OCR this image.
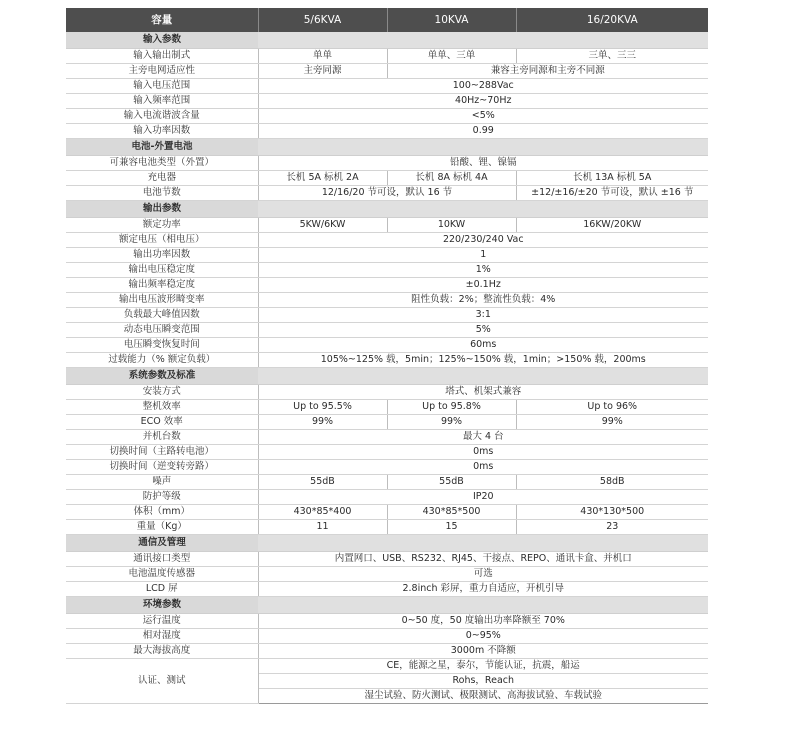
容量	5/6KVA	10KVA	16/20KVA
输入参数			
输入输出制式	单单	单单、三单	三单、三三
主旁电网适应性	主旁同源	兼容主旁同源和主旁不同源	
输入电压范围	100~288Vac		
输入频率范围	40Hz~70Hz		
输入电流谐波含量	<5%		
输入功率因数	0.99		
电池-外置电池			
可兼容电池类型（外置）	铅酸、锂、镍镉		
充电器	长机 5A 标机 2A	长机 8A 标机 4A	长机 13A 标机 5A
电池节数	12/16/20 节可设，默认 16 节		±12/±16/±20 节可设，默认 ±16 节
输出参数			
额定功率	5KW/6KW	10KW	16KW/20KW
额定电压（相电压）	220/230/240 Vac		
输出功率因数	1		
输出电压稳定度	1%		
输出频率稳定度	±0.1Hz		
输出电压波形畸变率	阻性负载：2%；整流性负载：4%		
负载最大峰值因数	3:1		
动态电压瞬变范围	5%		
电压瞬变恢复时间	60ms		
过载能力（% 额定负载）	105%~125% 载，5min；125%~150% 载，1min；>150% 载，200ms		
系统参数及标准			
安装方式	塔式、机架式兼容		
整机效率	Up to 95.5%	Up to 95.8%	Up to 96%
ECO 效率	99%	99%	99%
并机台数	最大 4 台		
切换时间（主路转电池）	0ms		
切换时间（逆变转旁路）	0ms		
噪声	55dB	55dB	58dB
防护等级	IP20		
体积（mm）	430*85*400	430*85*500	430*130*500
重量（Kg）	11	15	23
通信及管理			
通讯接口类型	内置网口、USB、RS232、RJ45、干接点、REPO、通讯卡盒、并机口		
电池温度传感器	可选		
LCD 屏	2.8inch 彩屏，重力自适应，开机引导		
环境参数			
运行温度	0~50 度，50 度输出功率降额至 70%		
相对湿度	0~95%		
最大海拔高度	3000m 不降额		
认证、测试	CE，能源之星，泰尔，节能认证，抗震，船运		
	Rohs，Reach		
	湿尘试验、防火测试、极限测试、高海拔试验、车载试验		
